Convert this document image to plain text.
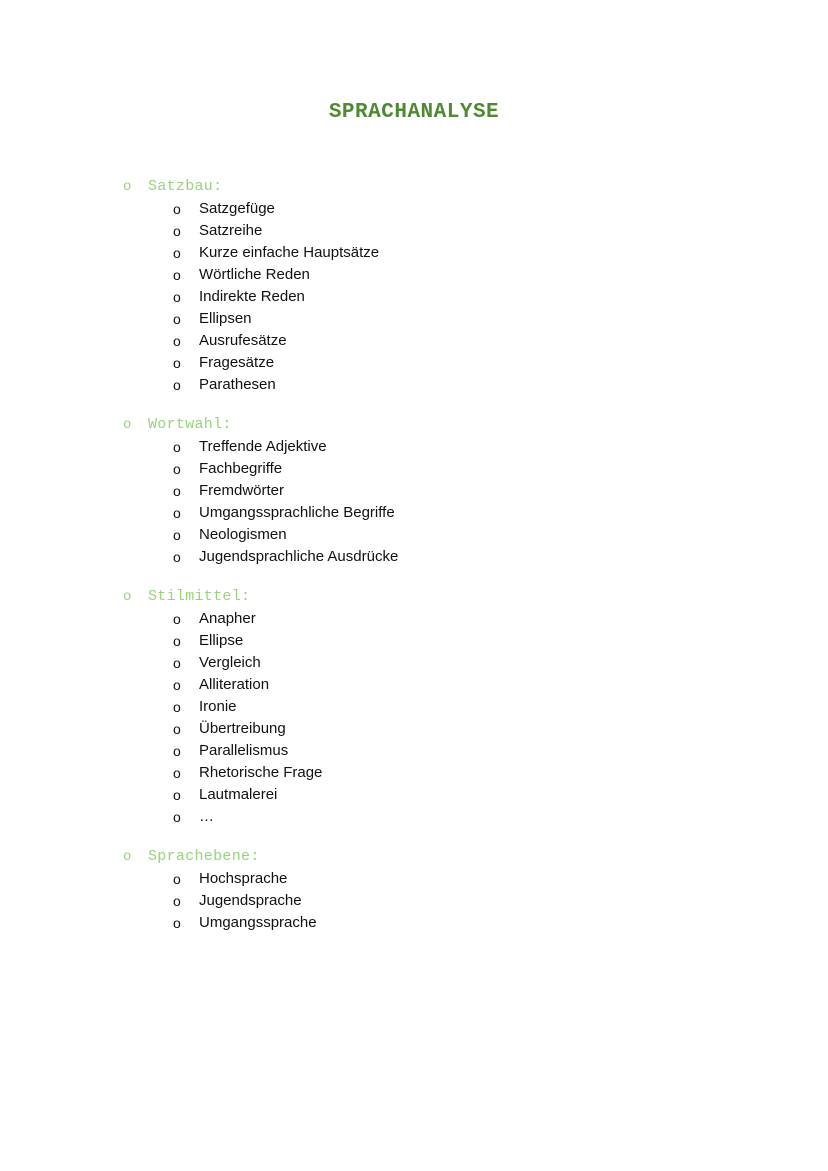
SPRACHANALYSE
o Satzbau:
o Satzgefüge
o Satzreihe
o Kurze einfache Hauptsätze
o Wörtliche Reden
o Indirekte Reden
o Ellipsen
o Ausrufesätze
o Fragesätze
o Parathesen
o Wortwahl:
o Treffende Adjektive
o Fachbegriffe
o Fremdwörter
o Umgangssprachliche Begriffe
o Neologismen
o Jugendsprachliche Ausdrücke
o Stilmittel:
o Anapher
o Ellipse
o Vergleich
o Alliteration
o Ironie
o Übertreibung
o Parallelismus
o Rhetorische Frage
o Lautmalerei
o …
o Sprachebene:
o Hochsprache
o Jugendsprache
o Umgangssprache
